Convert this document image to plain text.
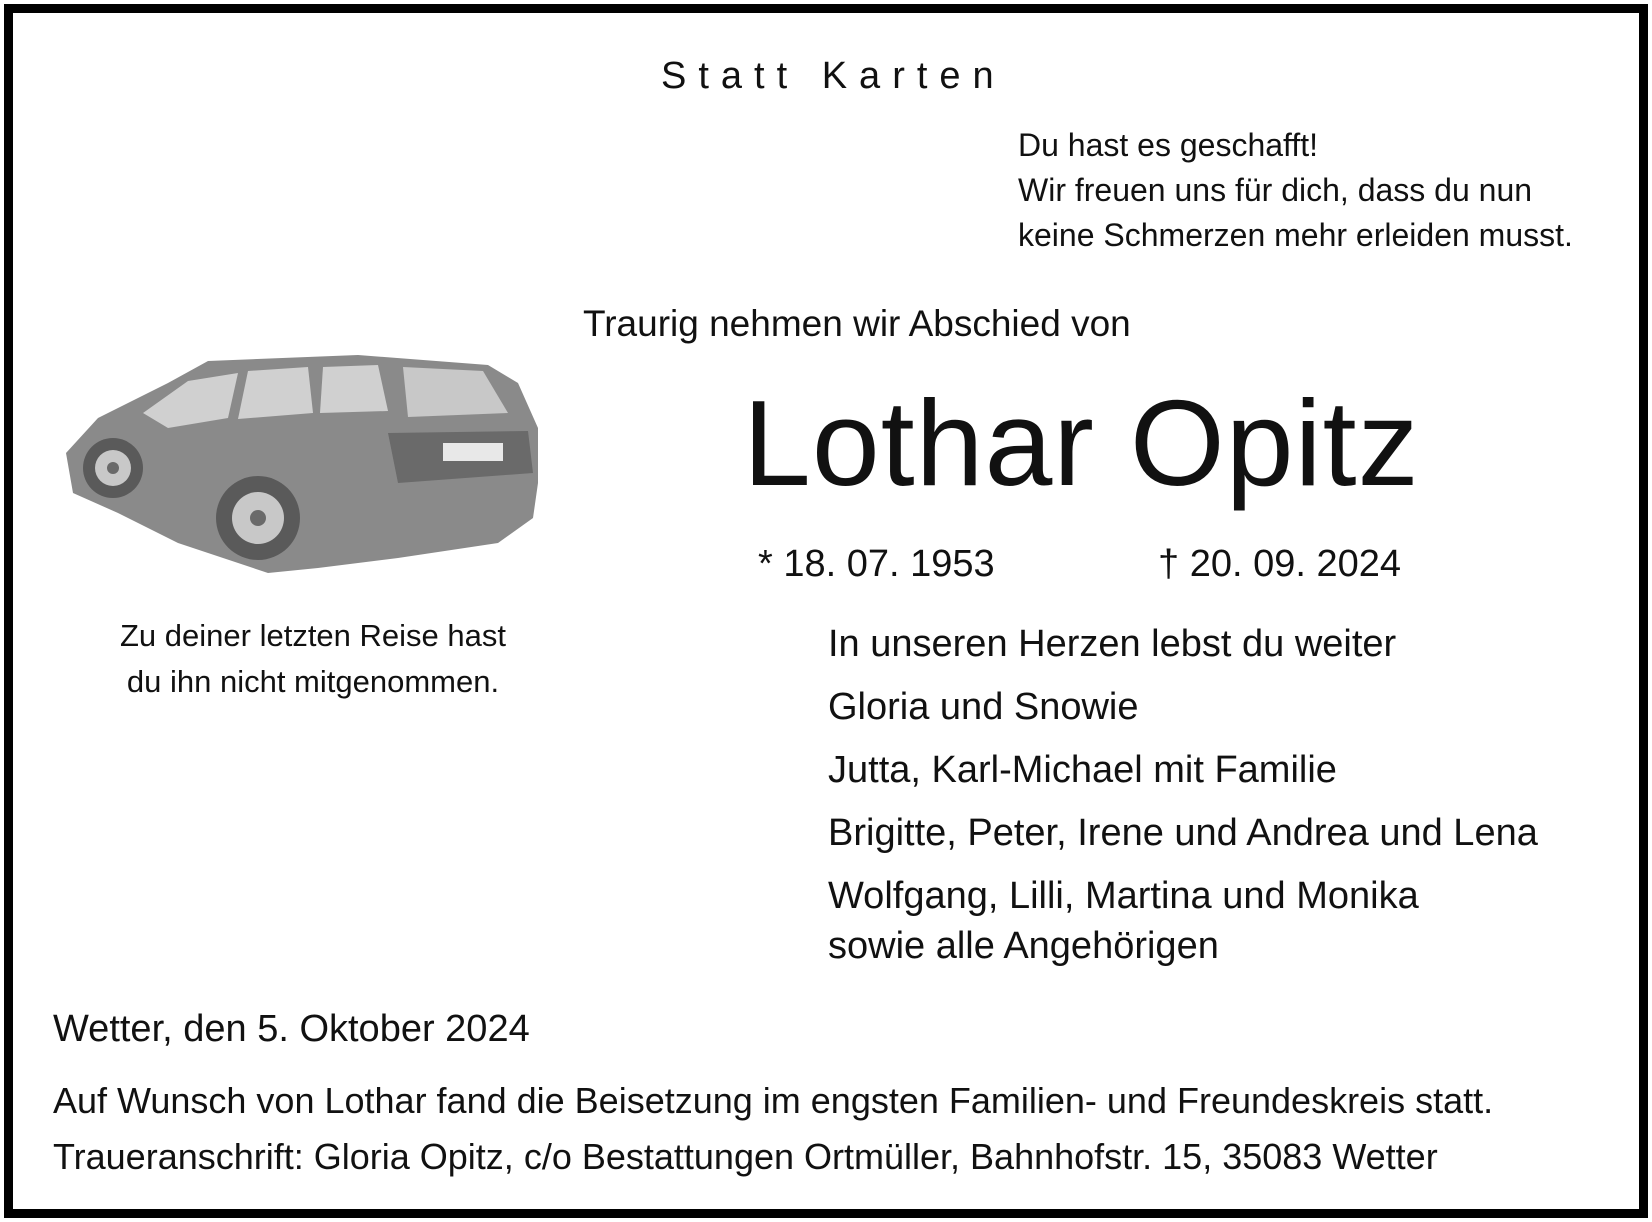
Statt Karten
Du hast es geschafft!
Wir freuen uns für dich, dass du nun
keine Schmerzen mehr erleiden musst.
Traurig nehmen wir Abschied von
Zu deiner letzten Reise hast
du ihn nicht mitgenommen.
Lothar Opitz
* 18. 07. 1953	† 20. 09. 2024
In unseren Herzen lebst du weiter
Gloria und Snowie
Jutta, Karl-Michael mit Familie
Brigitte, Peter, Irene und Andrea und Lena
Wolfgang, Lilli, Martina und Monika
sowie alle Angehörigen
Wetter, den 5. Oktober 2024
Auf Wunsch von Lothar fand die Beisetzung im engsten Familien- und Freundeskreis statt.
Traueranschrift: Gloria Opitz, c/o Bestattungen Ortmüller, Bahnhofstr. 15, 35083 Wetter
